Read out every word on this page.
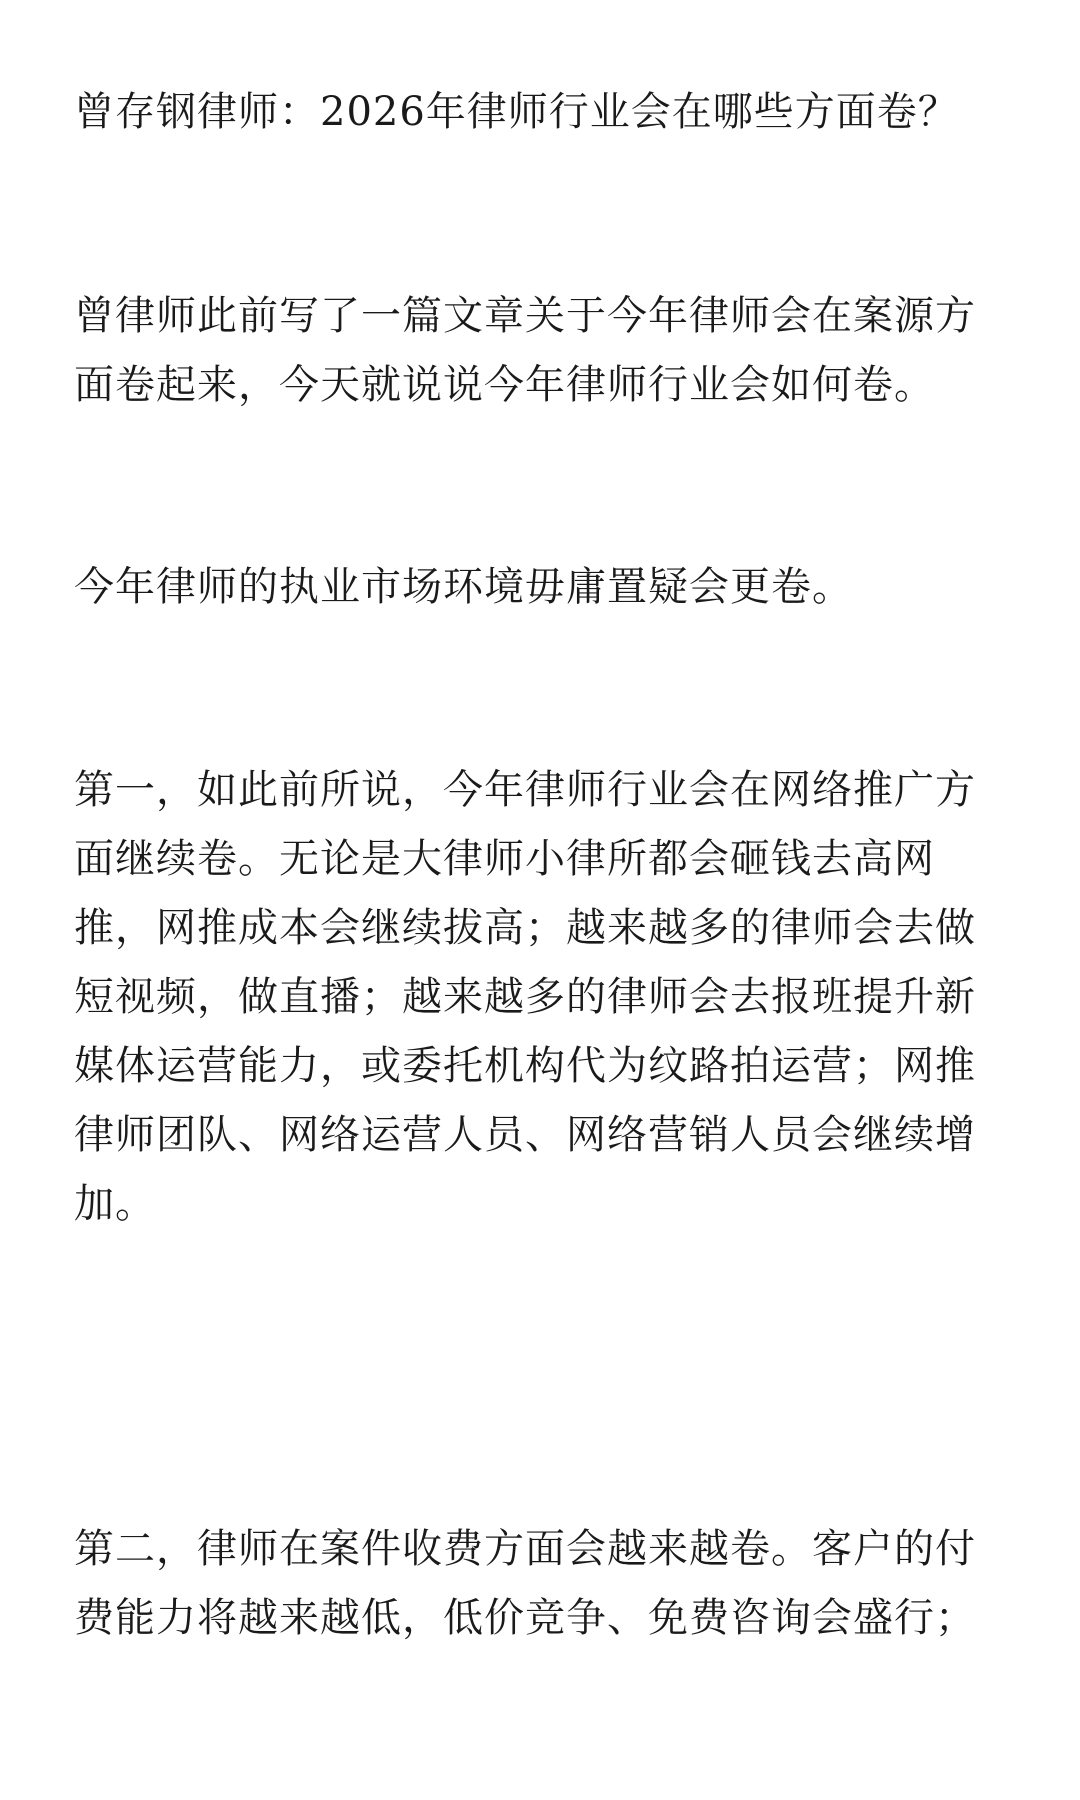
曾存钢律师：2026年律师行业会在哪些方面卷？

曾律师此前写了一篇文章关于今年律师会在案源方面卷起来，今天就说说今年律师行业会如何卷。

今年律师的执业市场环境毋庸置疑会更卷。

第一，如此前所说，今年律师行业会在网络推广方面继续卷。无论是大律师小律所都会砸钱去高网推，网推成本会继续拔高；越来越多的律师会去做短视频，做直播；越来越多的律师会去报班提升新媒体运营能力，或委托机构代为纹路拍运营；网推律师团队、网络运营人员、网络营销人员会继续增加。

第二，律师在案件收费方面会越来越卷。客户的付费能力将越来越低，低价竞争、免费咨询会盛行；
